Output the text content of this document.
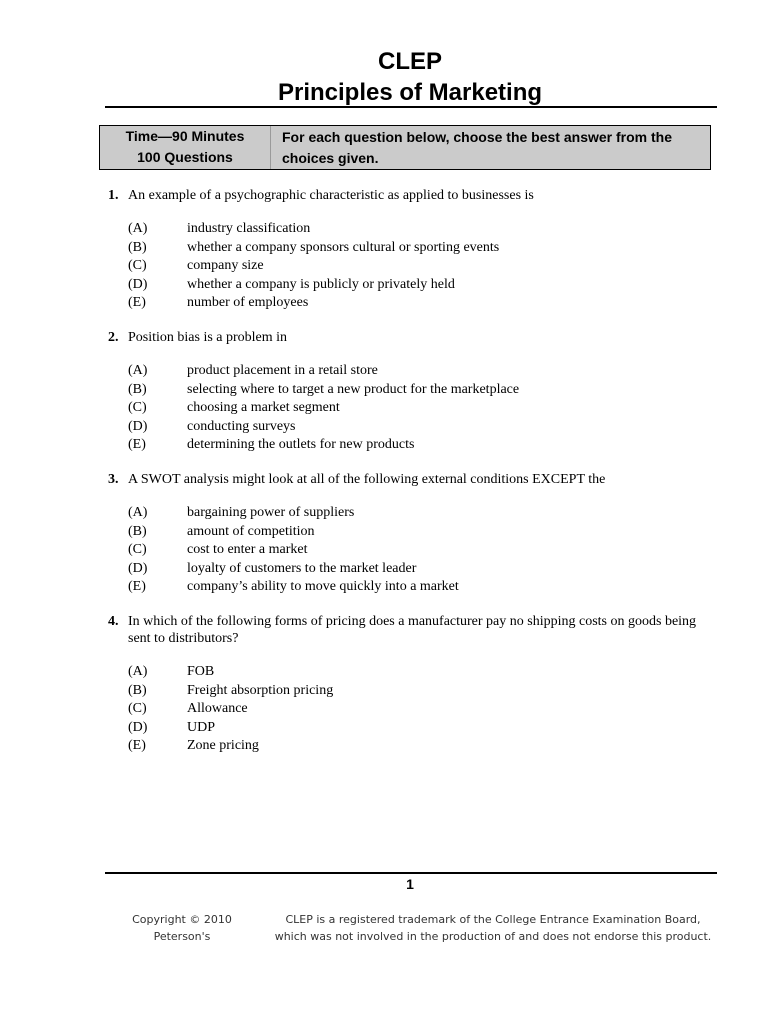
CLEP
Principles of Marketing
Time—90 Minutes
100 Questions
For each question below, choose the best answer from the choices given.
1. An example of a psychographic characteristic as applied to businesses is
(A)	industry classification
(B)	whether a company sponsors cultural or sporting events
(C)	company size
(D)	whether a company is publicly or privately held
(E)	number of employees
2. Position bias is a problem in
(A)	product placement in a retail store
(B)	selecting where to target a new product for the marketplace
(C)	choosing a market segment
(D)	conducting surveys
(E)	determining the outlets for new products
3. A SWOT analysis might look at all of the following external conditions EXCEPT the
(A)	bargaining power of suppliers
(B)	amount of competition
(C)	cost to enter a market
(D)	loyalty of customers to the market leader
(E)	company’s ability to move quickly into a market
4. In which of the following forms of pricing does a manufacturer pay no shipping costs on goods being sent to distributors?
(A)	FOB
(B)	Freight absorption pricing
(C)	Allowance
(D)	UDP
(E)	Zone pricing
1
Copyright © 2010
Peterson's
CLEP is a registered trademark of the College Entrance Examination Board,
which was not involved in the production of and does not endorse this product.
